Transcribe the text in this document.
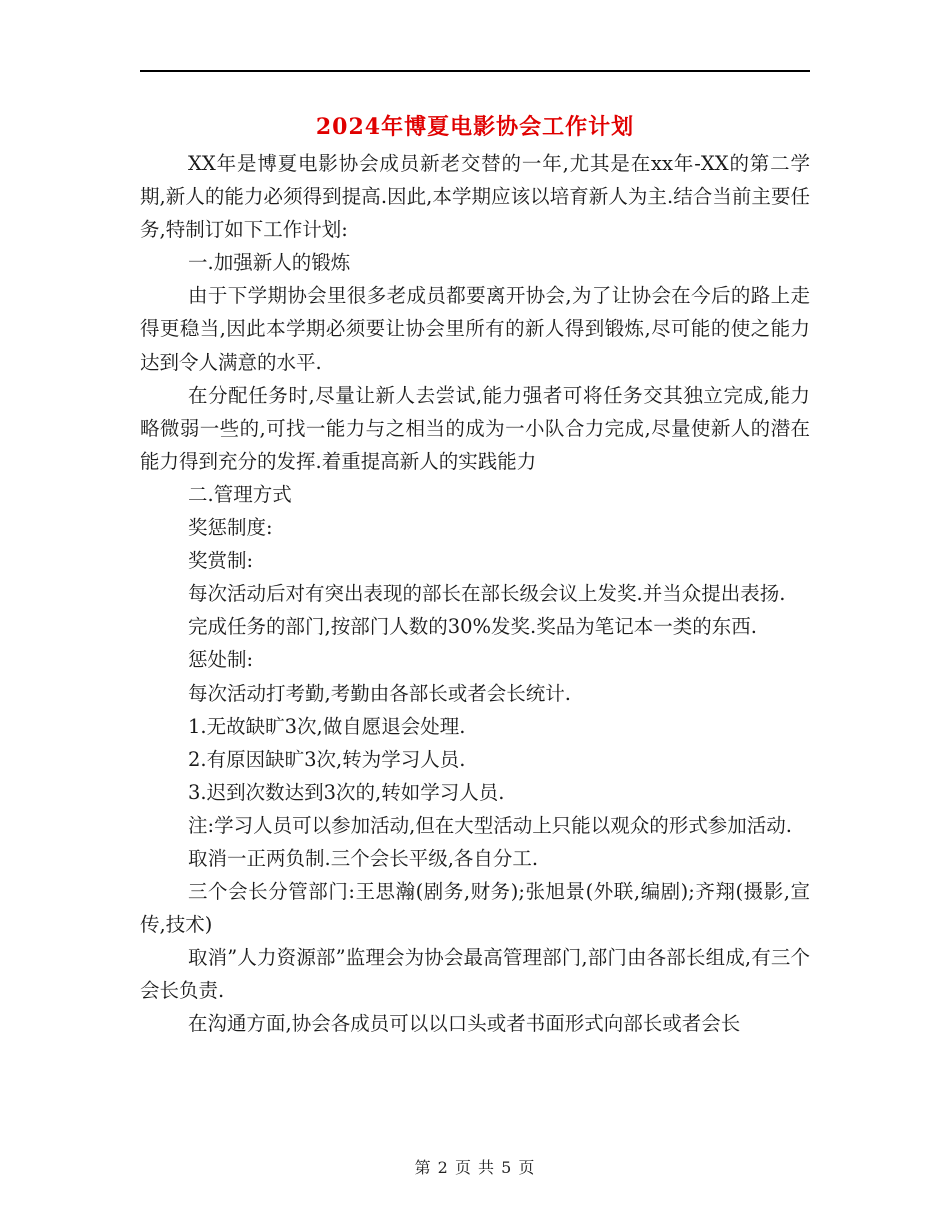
2024年博夏电影协会工作计划

XX年是博夏电影协会成员新老交替的一年,尤其是在xx年-XX的第二学期,新人的能力必须得到提高.因此,本学期应该以培育新人为主.结合当前主要任务,特制订如下工作计划:

一.加强新人的锻炼

由于下学期协会里很多老成员都要离开协会,为了让协会在今后的路上走得更稳当,因此本学期必须要让协会里所有的新人得到锻炼,尽可能的使之能力达到令人满意的水平.

在分配任务时,尽量让新人去尝试,能力强者可将任务交其独立完成,能力略微弱一些的,可找一能力与之相当的成为一小队合力完成,尽量使新人的潜在能力得到充分的发挥.着重提高新人的实践能力

二.管理方式

奖惩制度:

奖赏制:

每次活动后对有突出表现的部长在部长级会议上发奖.并当众提出表扬.

完成任务的部门,按部门人数的30%发奖.奖品为笔记本一类的东西.

惩处制:

每次活动打考勤,考勤由各部长或者会长统计.

1.无故缺旷3次,做自愿退会处理.

2.有原因缺旷3次,转为学习人员.

3.迟到次数达到3次的,转如学习人员.

注:学习人员可以参加活动,但在大型活动上只能以观众的形式参加活动.

取消一正两负制.三个会长平级,各自分工.

三个会长分管部门:王思瀚(剧务,财务);张旭景(外联,编剧);齐翔(摄影,宣传,技术)

取消”人力资源部”监理会为协会最高管理部门,部门由各部长组成,有三个会长负责.

在沟通方面,协会各成员可以以口头或者书面形式向部长或者会长

第 2 页 共 5 页
